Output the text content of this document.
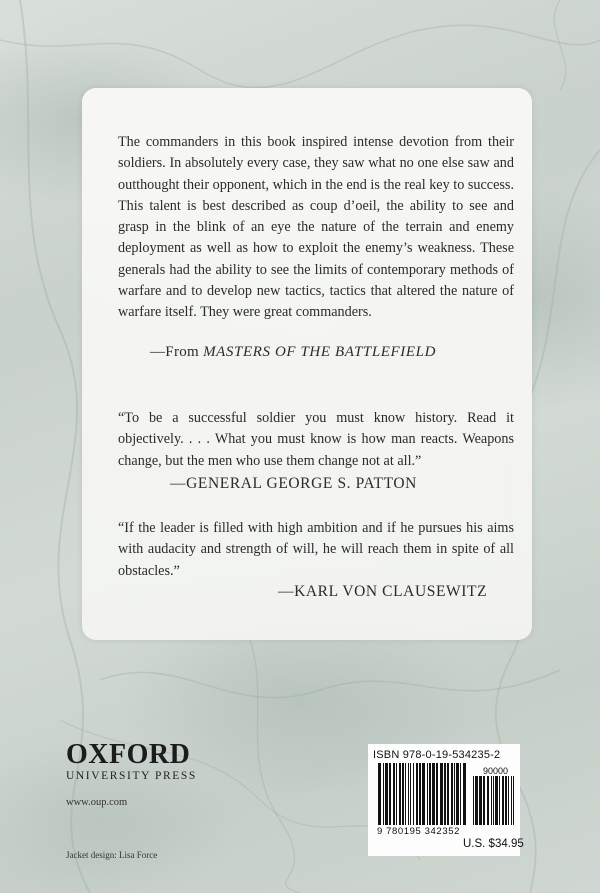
The commanders in this book inspired intense devotion from their soldiers. In absolutely every case, they saw what no one else saw and outthought their opponent, which in the end is the real key to success. This talent is best described as coup d’oeil, the ability to see and grasp in the blink of an eye the nature of the terrain and enemy deployment as well as how to exploit the enemy’s weakness. These generals had the ability to see the limits of contemporary methods of warfare and to develop new tactics, tactics that altered the nature of warfare itself. They were great commanders.

—From MASTERS OF THE BATTLEFIELD

“To be a successful soldier you must know history. Read it objectively. . . . What you must know is how man reacts. Weapons change, but the men who use them change not at all.”

—GENERAL GEORGE S. PATTON

“If the leader is filled with high ambition and if he pursues his aims with audacity and strength of will, he will reach them in spite of all obstacles.”

—KARL VON CLAUSEWITZ
OXFORD
UNIVERSITY PRESS
www.oup.com
Jacket design: Lisa Force
ISBN 978-0-19-534235-2
90000
9 780195 342352
U.S. $34.95
